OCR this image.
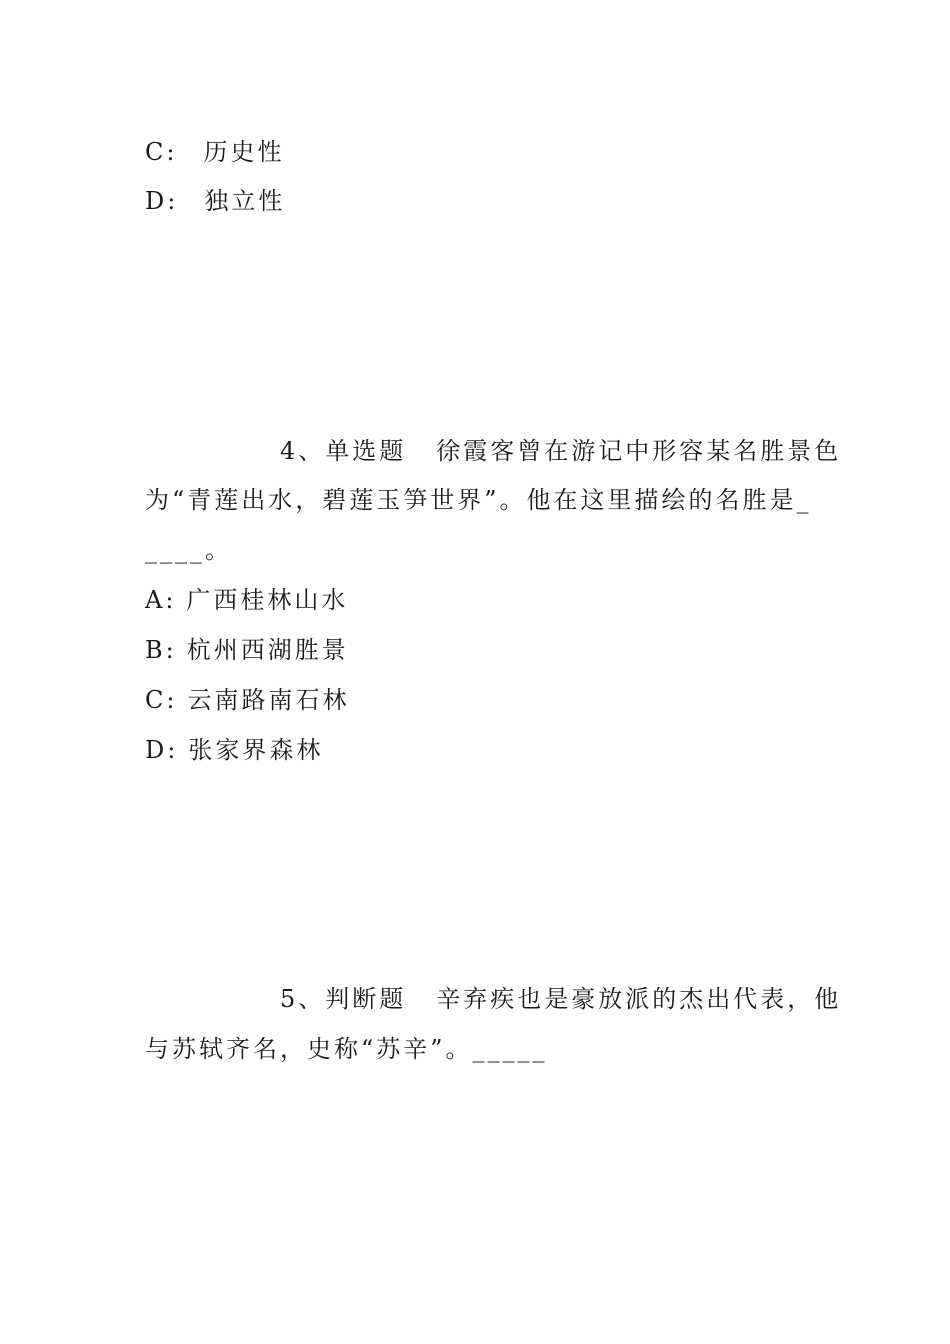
C: 历史性
D: 独立性
4、单选题 徐霞客曾在游记中形容某名胜景色
为“青莲出水，碧莲玉笋世界”。他在这里描绘的名胜是_
____。
A: 广西桂林山水
B: 杭州西湖胜景
C: 云南路南石林
D: 张家界森林
5、判断题 辛弃疾也是豪放派的杰出代表，他
与苏轼齐名，史称“苏辛”。_____
